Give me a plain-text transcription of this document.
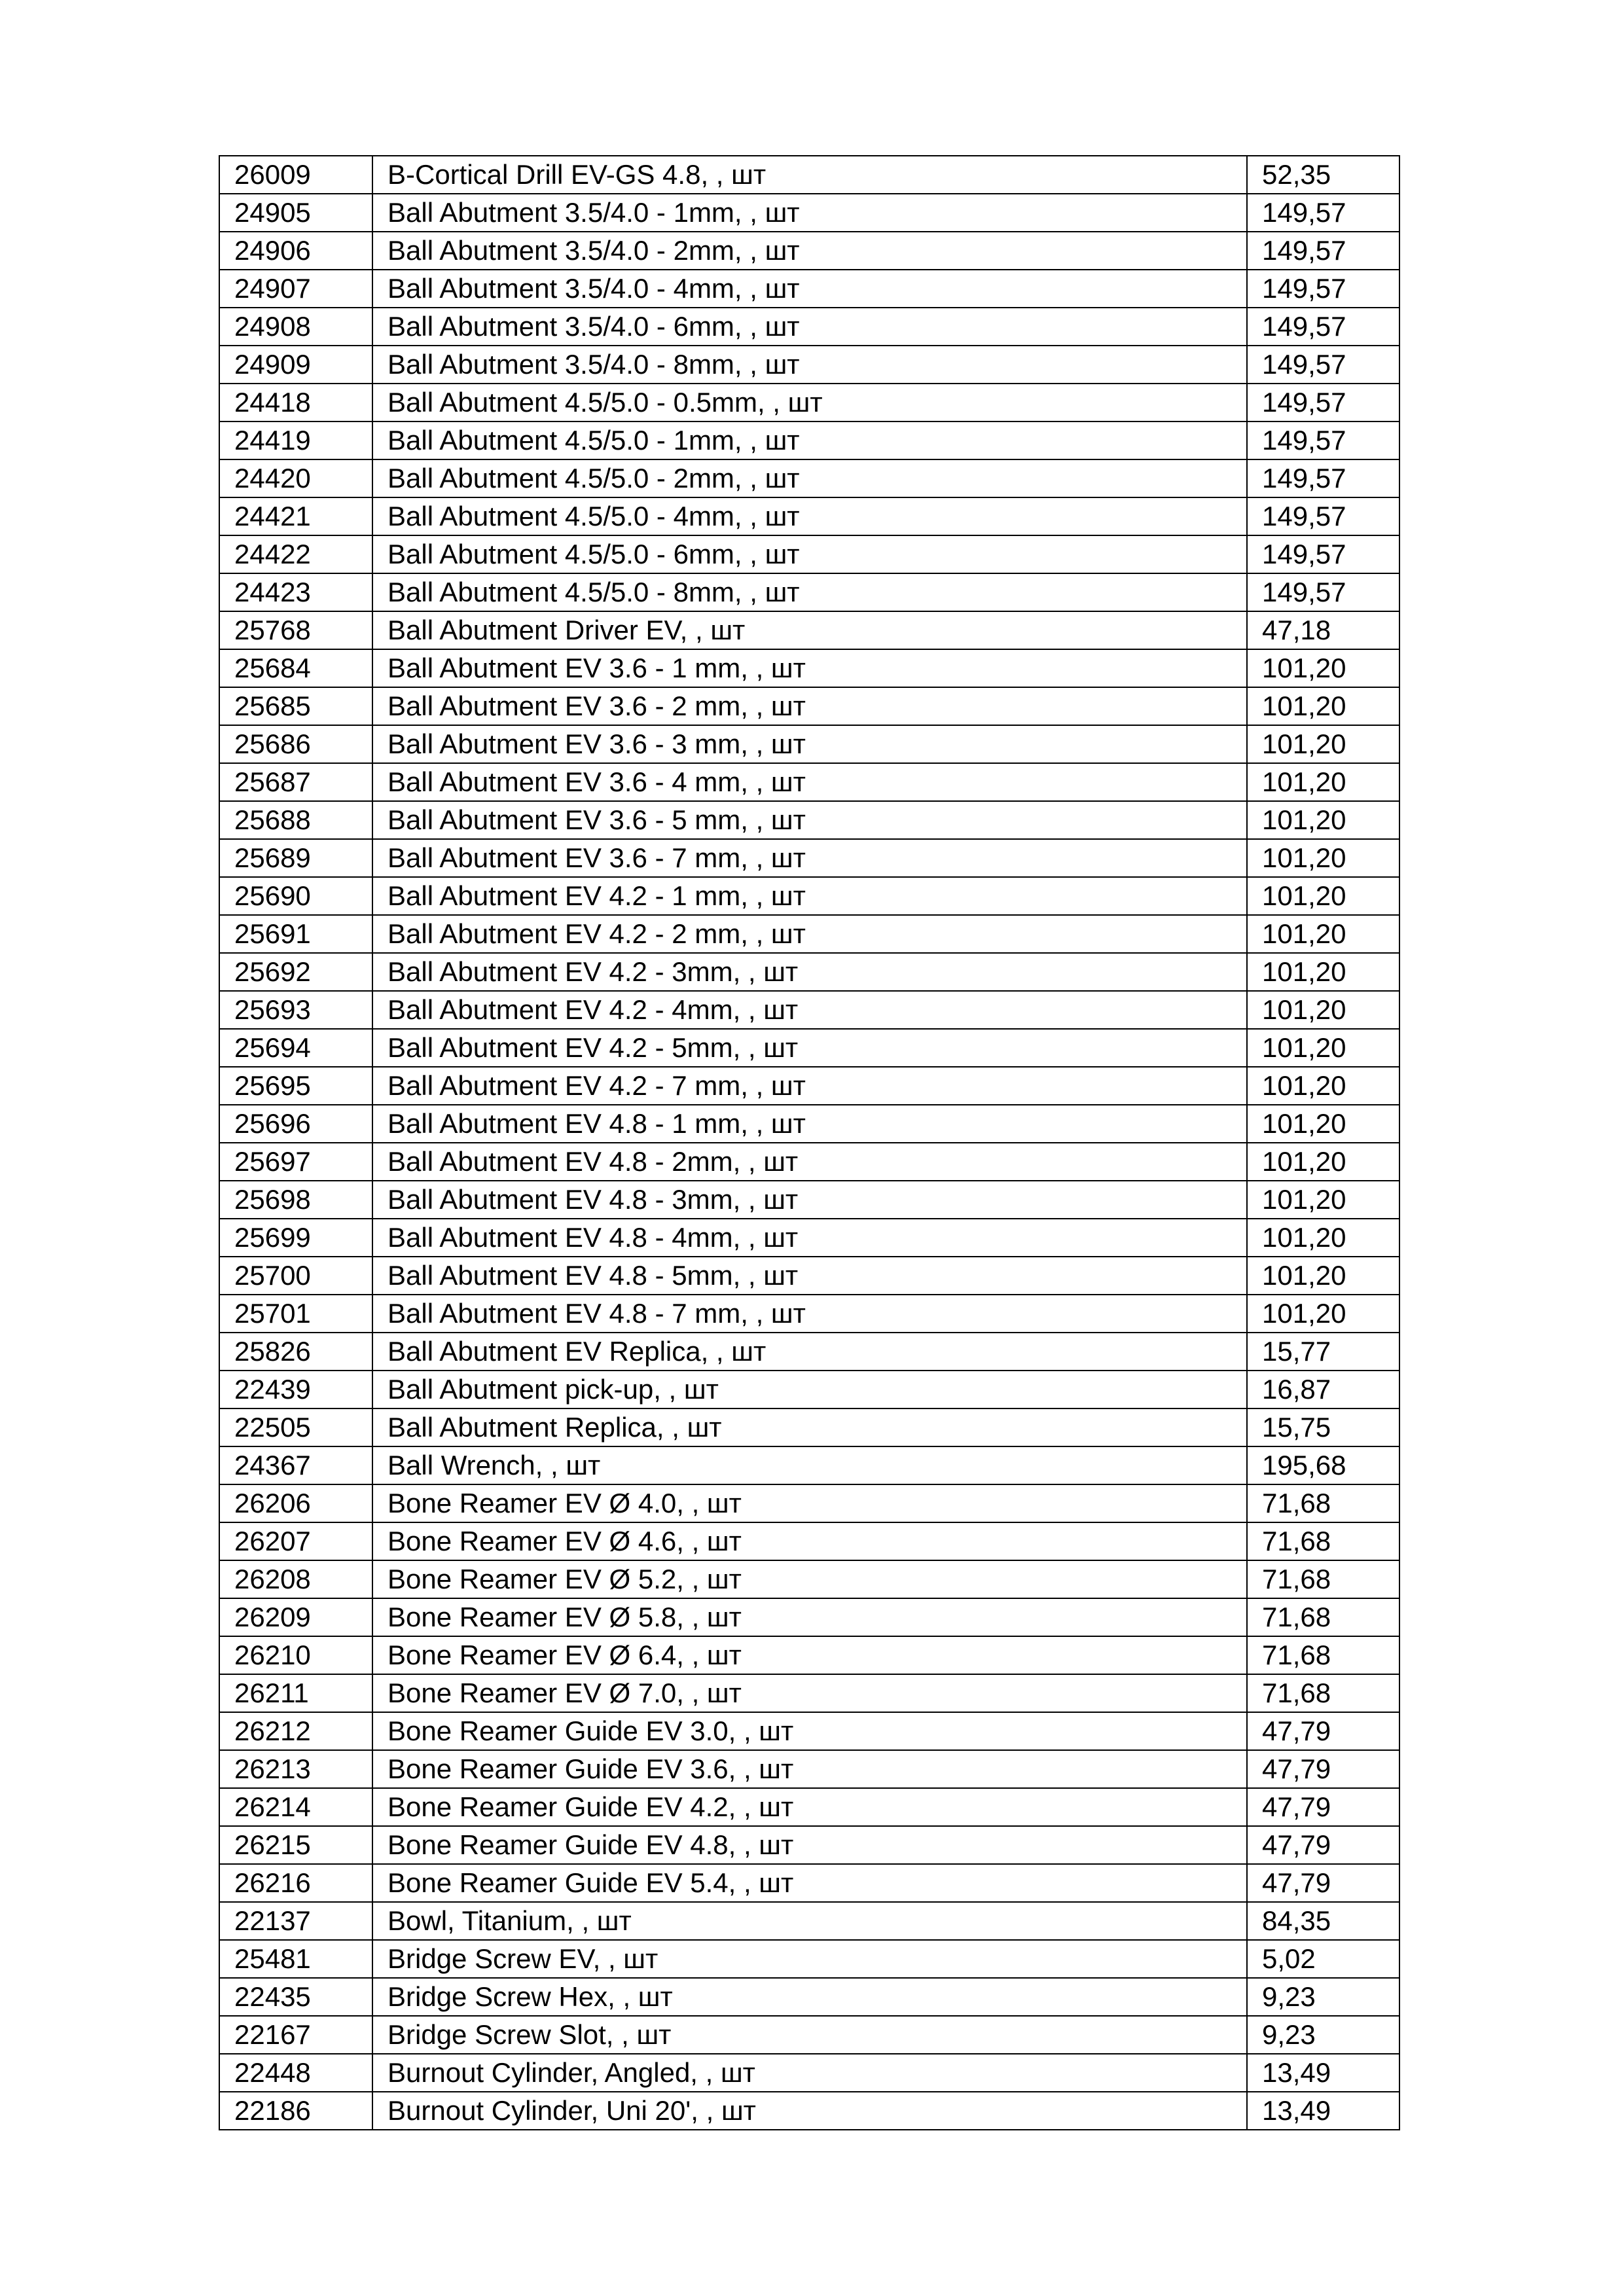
26009	B-Cortical Drill EV-GS 4.8, , шт	52,35
24905	Ball Abutment 3.5/4.0 - 1mm, , шт	149,57
24906	Ball Abutment 3.5/4.0 - 2mm, , шт	149,57
24907	Ball Abutment 3.5/4.0 - 4mm, , шт	149,57
24908	Ball Abutment 3.5/4.0 - 6mm, , шт	149,57
24909	Ball Abutment 3.5/4.0 - 8mm, , шт	149,57
24418	Ball Abutment 4.5/5.0 - 0.5mm, , шт	149,57
24419	Ball Abutment 4.5/5.0 - 1mm, , шт	149,57
24420	Ball Abutment 4.5/5.0 - 2mm, , шт	149,57
24421	Ball Abutment 4.5/5.0 - 4mm, , шт	149,57
24422	Ball Abutment 4.5/5.0 - 6mm, , шт	149,57
24423	Ball Abutment 4.5/5.0 - 8mm, , шт	149,57
25768	Ball Abutment Driver EV, , шт	47,18
25684	Ball Abutment EV 3.6 - 1 mm, , шт	101,20
25685	Ball Abutment EV 3.6 - 2 mm, , шт	101,20
25686	Ball Abutment EV 3.6 - 3 mm, , шт	101,20
25687	Ball Abutment EV 3.6 - 4 mm, , шт	101,20
25688	Ball Abutment EV 3.6 - 5 mm, , шт	101,20
25689	Ball Abutment EV 3.6 - 7 mm, , шт	101,20
25690	Ball Abutment EV 4.2 - 1 mm, , шт	101,20
25691	Ball Abutment EV 4.2 - 2 mm, , шт	101,20
25692	Ball Abutment EV 4.2 - 3mm, , шт	101,20
25693	Ball Abutment EV 4.2 - 4mm, , шт	101,20
25694	Ball Abutment EV 4.2 - 5mm, , шт	101,20
25695	Ball Abutment EV 4.2 - 7 mm, , шт	101,20
25696	Ball Abutment EV 4.8 - 1 mm, , шт	101,20
25697	Ball Abutment EV 4.8 - 2mm, , шт	101,20
25698	Ball Abutment EV 4.8 - 3mm, , шт	101,20
25699	Ball Abutment EV 4.8 - 4mm, , шт	101,20
25700	Ball Abutment EV 4.8 - 5mm, , шт	101,20
25701	Ball Abutment EV 4.8 - 7 mm, , шт	101,20
25826	Ball Abutment EV Replica, , шт	15,77
22439	Ball Abutment pick-up, , шт	16,87
22505	Ball Abutment Replica, , шт	15,75
24367	Ball Wrench, , шт	195,68
26206	Bone Reamer EV Ø 4.0, , шт	71,68
26207	Bone Reamer EV Ø 4.6, , шт	71,68
26208	Bone Reamer EV Ø 5.2, , шт	71,68
26209	Bone Reamer EV Ø 5.8, , шт	71,68
26210	Bone Reamer EV Ø 6.4, , шт	71,68
26211	Bone Reamer EV Ø 7.0, , шт	71,68
26212	Bone Reamer Guide EV 3.0, , шт	47,79
26213	Bone Reamer Guide EV 3.6, , шт	47,79
26214	Bone Reamer Guide EV 4.2, , шт	47,79
26215	Bone Reamer Guide EV 4.8, , шт	47,79
26216	Bone Reamer Guide EV 5.4, , шт	47,79
22137	Bowl, Titanium, , шт	84,35
25481	Bridge Screw EV, , шт	5,02
22435	Bridge Screw Hex, , шт	9,23
22167	Bridge Screw Slot, , шт	9,23
22448	Burnout Cylinder, Angled, , шт	13,49
22186	Burnout Cylinder, Uni 20', , шт	13,49
